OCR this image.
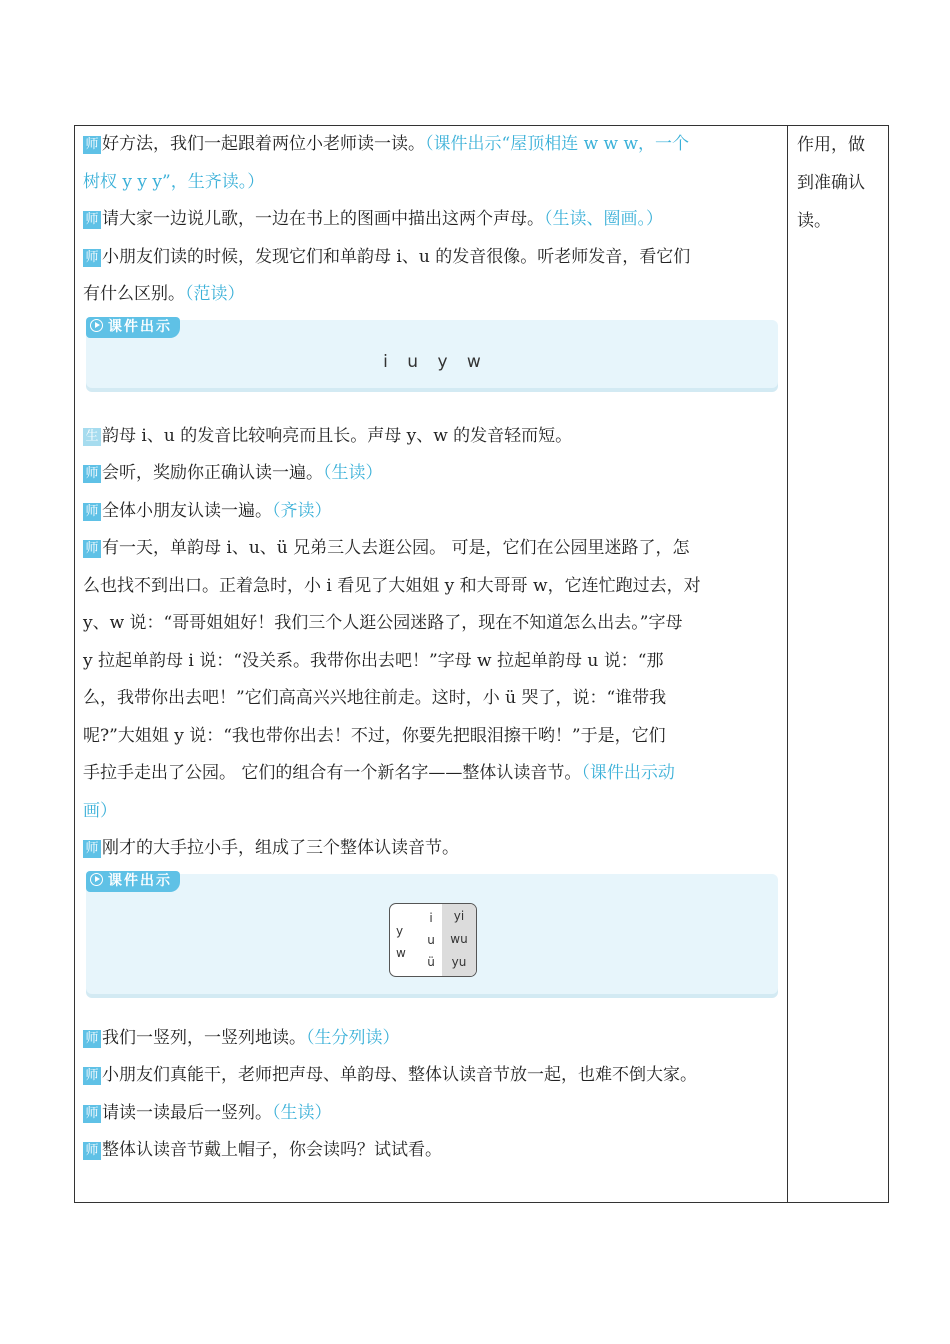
师 好方法，我们一起跟着两位小老师读一读。（课件出示“屋顶相连 w w w，一个

树杈 y y y”，生齐读。）

师 请大家一边说儿歌，一边在书上的图画中描出这两个声母。（生读、圈画。）

师 小朋友们读的时候，发现它们和单韵母 i、u 的发音很像。听老师发音，看它们

有什么区别。（范读）

课件出示
i u y w

生 韵母 i、u 的发音比较响亮而且长。声母 y、w 的发音轻而短。

师 会听，奖励你正确认读一遍。（生读）

师 全体小朋友认读一遍。（齐读）

师 有一天，单韵母 i、u、ü 兄弟三人去逛公园。 可是，它们在公园里迷路了，怎

么也找不到出口。正着急时，小 i 看见了大姐姐 y 和大哥哥 w，它连忙跑过去，对

y、w 说：“哥哥姐姐好！我们三个人逛公园迷路了，现在不知道怎么出去。”字母

y 拉起单韵母 i 说：“没关系。我带你出去吧！”字母 w 拉起单韵母 u 说：“那

么，我带你出去吧！”它们高高兴兴地往前走。这时，小 ü 哭了，说：“谁带我

呢?”大姐姐 y 说：“我也带你出去！不过，你要先把眼泪擦干哟！”于是，它们

手拉手走出了公园。 它们的组合有一个新名字——整体认读音节。（课件出示动

画）

师 刚才的大手拉小手，组成了三个整体认读音节。

课件出示
y
w
i
u
ü
yi
wu
yu

师 我们一竖列，一竖列地读。（生分列读）

师 小朋友们真能干，老师把声母、单韵母、整体认读音节放一起，也难不倒大家。

师 请读一读最后一竖列。（生读）

师 整体认读音节戴上帽子，你会读吗？试试看。

作用，做
到准确认
读。
